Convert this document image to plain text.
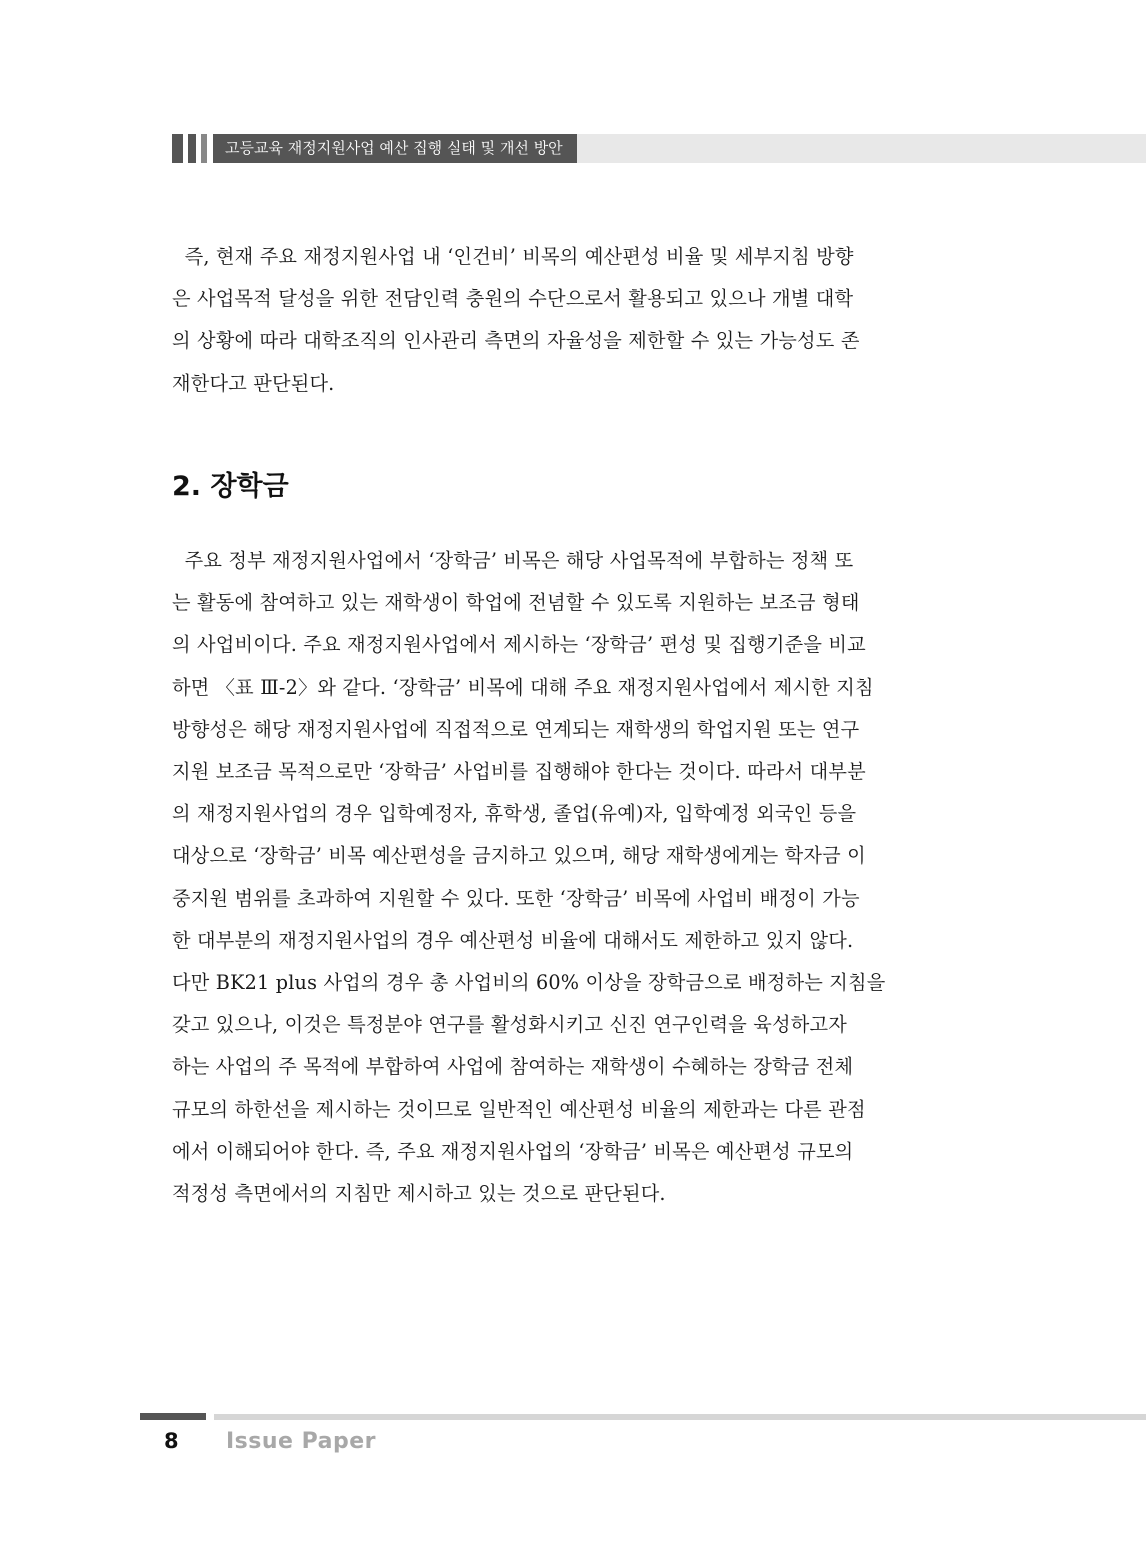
고등교육 재정지원사업 예산 집행 실태 및 개선 방안

즉, 현재 주요 재정지원사업 내 ‘인건비’ 비목의 예산편성 비율 및 세부지침 방향
은 사업목적 달성을 위한 전담인력 충원의 수단으로서 활용되고 있으나 개별 대학
의 상황에 따라 대학조직의 인사관리 측면의 자율성을 제한할 수 있는 가능성도 존
재한다고 판단된다.

2. 장학금

주요 정부 재정지원사업에서 ‘장학금’ 비목은 해당 사업목적에 부합하는 정책 또
는 활동에 참여하고 있는 재학생이 학업에 전념할 수 있도록 지원하는 보조금 형태
의 사업비이다. 주요 재정지원사업에서 제시하는 ‘장학금’ 편성 및 집행기준을 비교
하면 〈표 Ⅲ-2〉와 같다. ‘장학금’ 비목에 대해 주요 재정지원사업에서 제시한 지침
방향성은 해당 재정지원사업에 직접적으로 연계되는 재학생의 학업지원 또는 연구
지원 보조금 목적으로만 ‘장학금’ 사업비를 집행해야 한다는 것이다. 따라서 대부분
의 재정지원사업의 경우 입학예정자, 휴학생, 졸업(유예)자, 입학예정 외국인 등을
대상으로 ‘장학금’ 비목 예산편성을 금지하고 있으며, 해당 재학생에게는 학자금 이
중지원 범위를 초과하여 지원할 수 있다. 또한 ‘장학금’ 비목에 사업비 배정이 가능
한 대부분의 재정지원사업의 경우 예산편성 비율에 대해서도 제한하고 있지 않다.
다만 BK21 plus 사업의 경우 총 사업비의 60% 이상을 장학금으로 배정하는 지침을
갖고 있으나, 이것은 특정분야 연구를 활성화시키고 신진 연구인력을 육성하고자
하는 사업의 주 목적에 부합하여 사업에 참여하는 재학생이 수혜하는 장학금 전체
규모의 하한선을 제시하는 것이므로 일반적인 예산편성 비율의 제한과는 다른 관점
에서 이해되어야 한다. 즉, 주요 재정지원사업의 ‘장학금’ 비목은 예산편성 규모의
적정성 측면에서의 지침만 제시하고 있는 것으로 판단된다.

8 Issue Paper
